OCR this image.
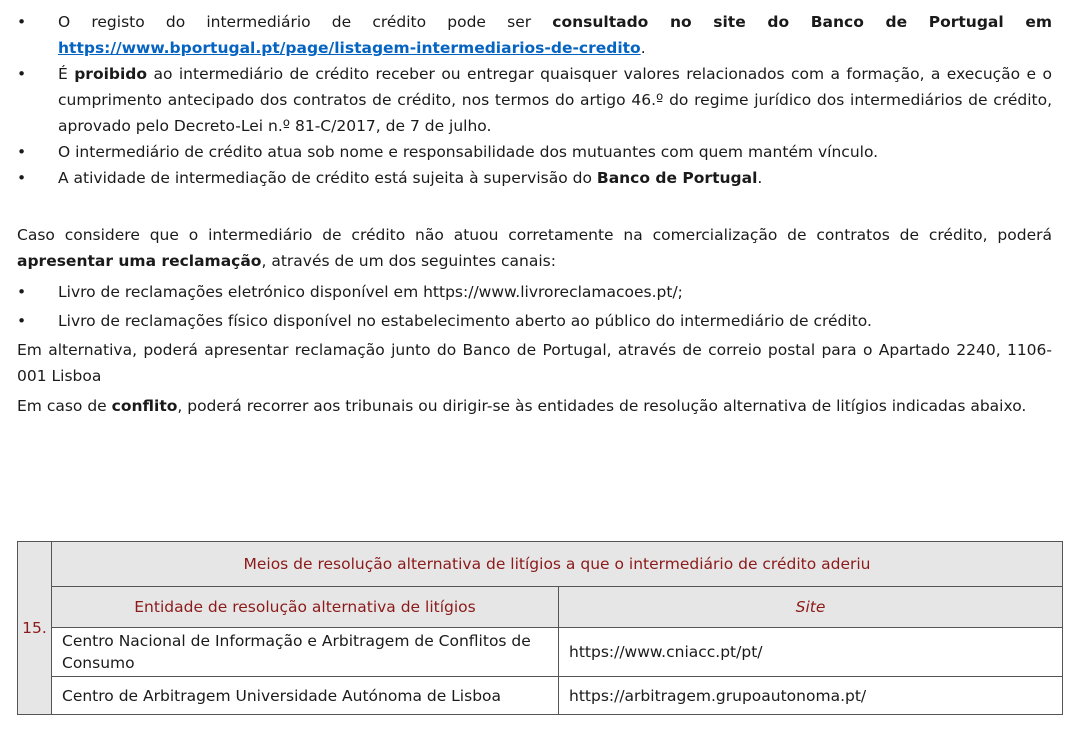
• O registo do intermediário de crédito pode ser consultado no site do Banco de Portugal em https://www.bportugal.pt/page/listagem-intermediarios-de-credito.
• É proibido ao intermediário de crédito receber ou entregar quaisquer valores relacionados com a formação, a execução e o cumprimento antecipado dos contratos de crédito, nos termos do artigo 46.º do regime jurídico dos intermediários de crédito, aprovado pelo Decreto-Lei n.º 81-C/2017, de 7 de julho.
• O intermediário de crédito atua sob nome e responsabilidade dos mutuantes com quem mantém vínculo.
• A atividade de intermediação de crédito está sujeita à supervisão do Banco de Portugal.

Caso considere que o intermediário de crédito não atuou corretamente na comercialização de contratos de crédito, poderá apresentar uma reclamação, através de um dos seguintes canais:

• Livro de reclamações eletrónico disponível em https://www.livroreclamacoes.pt/;
• Livro de reclamações físico disponível no estabelecimento aberto ao público do intermediário de crédito.

Em alternativa, poderá apresentar reclamação junto do Banco de Portugal, através de correio postal para o Apartado 2240, 1106-001 Lisboa

Em caso de conflito, poderá recorrer aos tribunais ou dirigir-se às entidades de resolução alternativa de litígios indicadas abaixo.

15.	Meios de resolução alternativa de litígios a que o intermediário de crédito aderiu	
	Entidade de resolução alternativa de litígios	Site
	Centro Nacional de Informação e Arbitragem de Conflitos de Consumo	https://www.cniacc.pt/pt/
	Centro de Arbitragem Universidade Autónoma de Lisboa	https://arbitragem.grupoautonoma.pt/
